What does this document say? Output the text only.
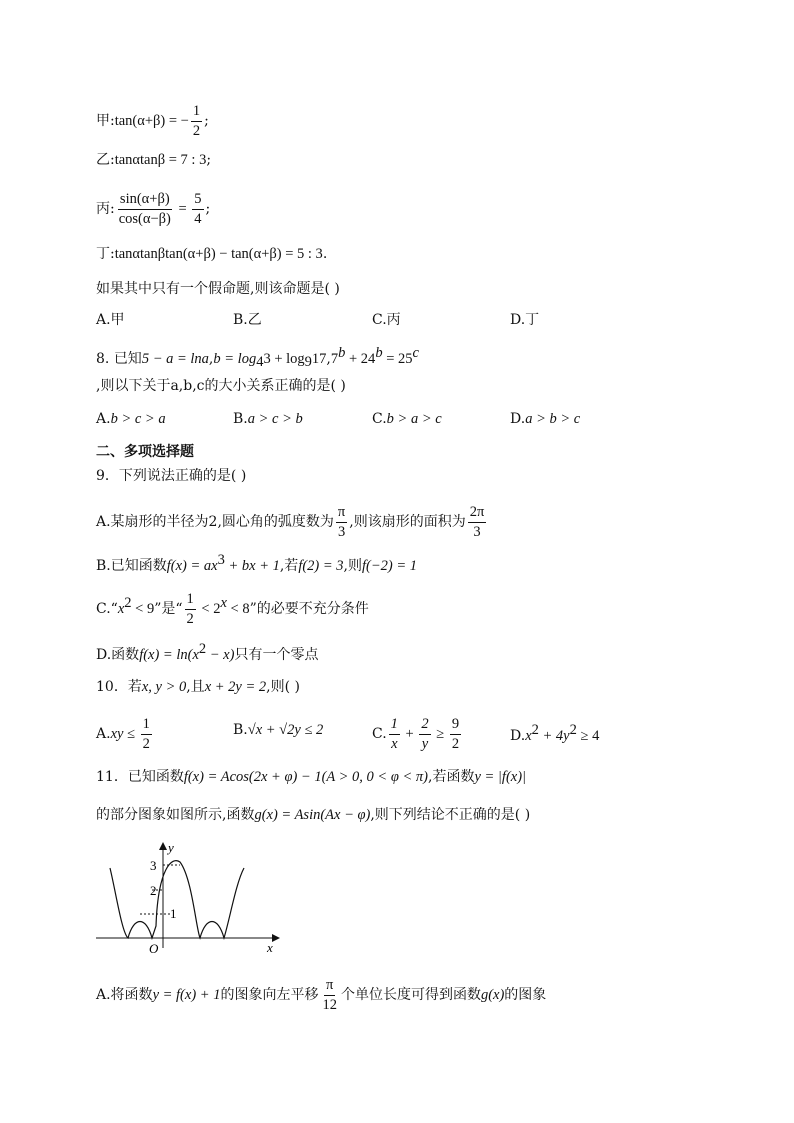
甲:tan(α+β) = − $\frac{1}{2}$ ;
乙:tanαtanβ = 7 : 3;
丙: $\frac{\sin(\alpha+\beta)}{\cos(\alpha-\beta)} = \frac{5}{4}$ ;
丁:tanαtanβtan(α+β) − tan(α+β) = 5 : 3.
如果其中只有一个假命题,则该命题是( )
A.甲	B.乙	C.丙	D.丁
8. 已知$5 - a = \ln a,b = \log_43 + \log_917,7^b + 24^b = 25^c$
,则以下关于a,b,c的大小关系正确的是( )
A.b > c > a	B.a > c > b	C.b > a > c	D.a > b > c
二、多项选择题
9．下列说法正确的是( )
A.某扇形的半径为2,圆心角的弧度数为 $\frac{\pi}{3}$ ,则该扇形的面积为 $\frac{2\pi}{3}$
B.已知函数$f(x) = ax^3$ + bx + 1,若f(2) = 3,则f(−2) = 1
$C.“x^2 < 9$”是“ $\frac{1}{2} < 2^x < 8$”的必要不充分条件
D.函数$f(x) = \ln(x^2 - x)$只有一个零点
10．若x, y > 0,且x + 2y = 2,则( )
$A.xy \le \frac{1}{2}$	B.√x + √2y ≤ 2	C. $\frac{1}{x} + \frac{2}{y} \ge \frac{9}{2}$	$D.x^2 + 4y^2 \ge 4$
11．已知函数f(x) = Acos(2x + φ) − 1(A > 0, 0 < φ < π),若函数y = |f(x)|
的部分图象如图所示,函数g(x) = Asin(Ax − φ),则下列结论不正确的是( )
y
x
O
3
2
1
A.将函数y = f(x) + 1的图象向左平移 $\frac{\pi}{12}$ 个单位长度可得到函数g(x)的图象
